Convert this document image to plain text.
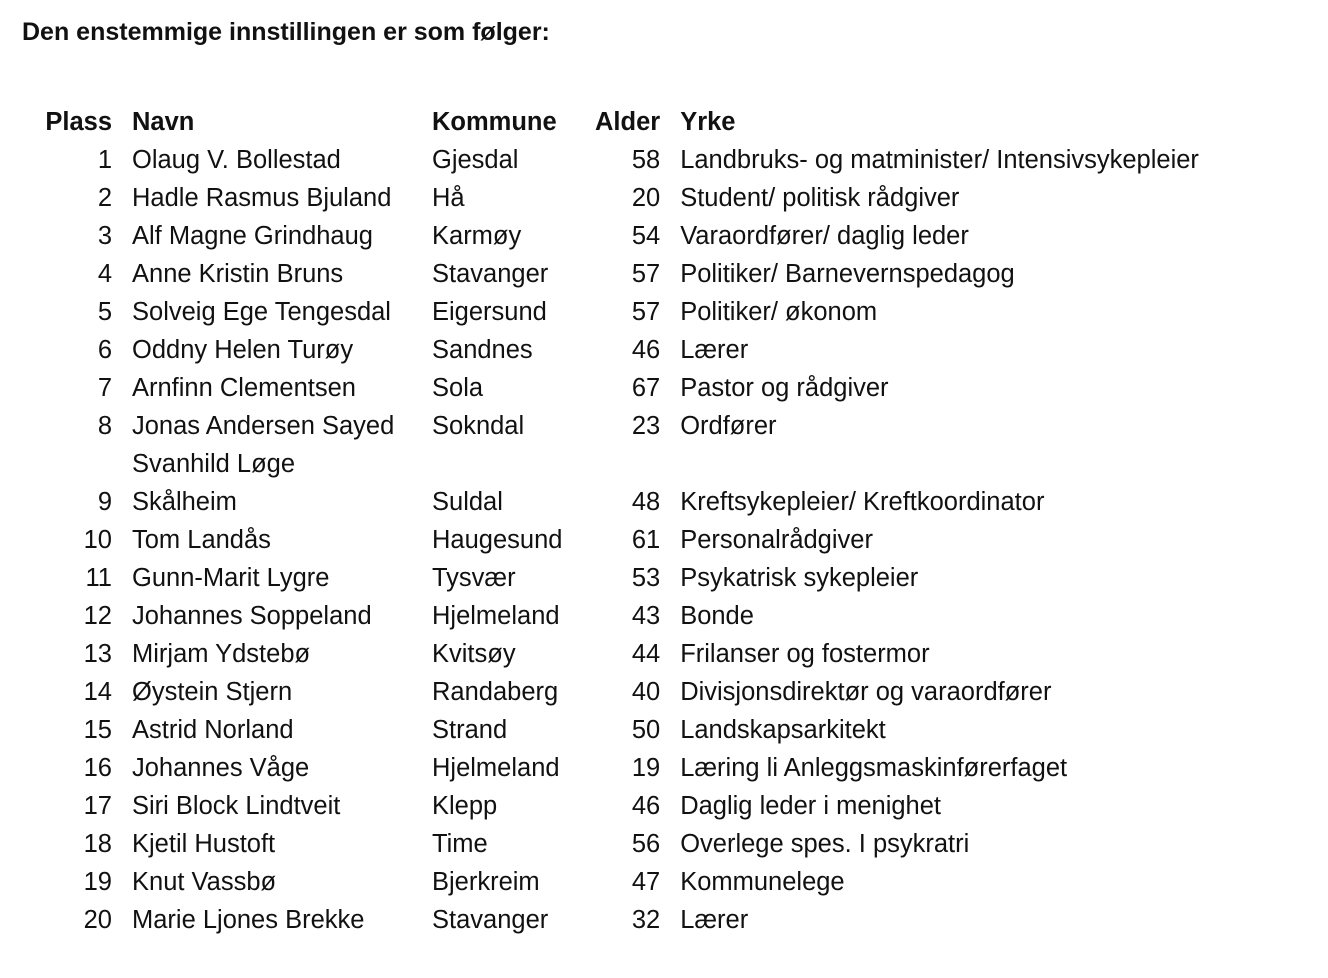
Den enstemmige innstillingen er som følger:
Plass	Navn	Kommune	Alder	Yrke
1	Olaug V. Bollestad	Gjesdal	58	Landbruks- og matminister/ Intensivsykepleier
2	Hadle Rasmus Bjuland	Hå	20	Student/ politisk rådgiver
3	Alf Magne Grindhaug	Karmøy	54	Varaordfører/ daglig leder
4	Anne Kristin Bruns	Stavanger	57	Politiker/ Barnevernspedagog
5	Solveig Ege Tengesdal	Eigersund	57	Politiker/ økonom
6	Oddny Helen Turøy	Sandnes	46	Lærer
7	Arnfinn Clementsen	Sola	67	Pastor og rådgiver
8	Jonas Andersen Sayed	Sokndal	23	Ordfører
	Svanhild Løge			
9	Skålheim	Suldal	48	Kreftsykepleier/ Kreftkoordinator
10	Tom Landås	Haugesund	61	Personalrådgiver
11	Gunn-Marit Lygre	Tysvær	53	Psykatrisk sykepleier
12	Johannes Soppeland	Hjelmeland	43	Bonde
13	Mirjam Ydstebø	Kvitsøy	44	Frilanser og fostermor
14	Øystein Stjern	Randaberg	40	Divisjonsdirektør og varaordfører
15	Astrid Norland	Strand	50	Landskapsarkitekt
16	Johannes Våge	Hjelmeland	19	Læring li Anleggsmaskinførerfaget
17	Siri Block Lindtveit	Klepp	46	Daglig leder i menighet
18	Kjetil Hustoft	Time	56	Overlege spes. I psykratri
19	Knut Vassbø	Bjerkreim	47	Kommunelege
20	Marie Ljones Brekke	Stavanger	32	Lærer
